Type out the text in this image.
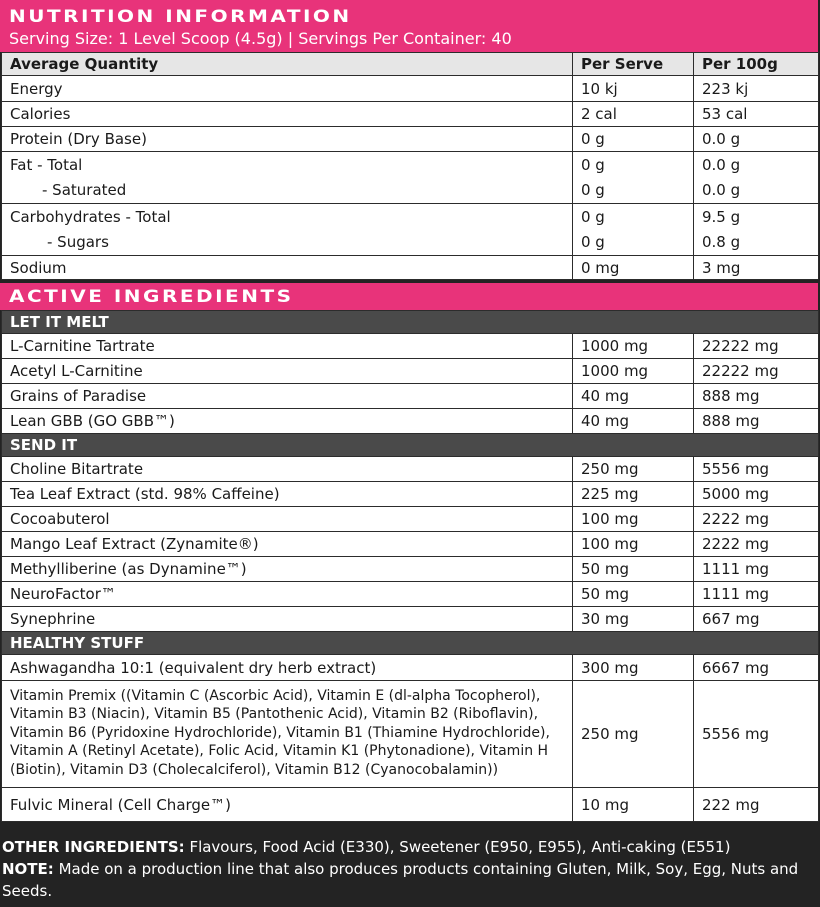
NUTRITION INFORMATION
Serving Size: 1 Level Scoop (4.5g) | Servings Per Container: 40
Average Quantity	Per Serve	Per 100g
Energy	10 kj	223 kj
Calories	2 cal	53 cal
Protein (Dry Base)	0 g	0.0 g
Fat - Total	0 g	0.0 g
- Saturated	0 g	0.0 g
Carbohydrates - Total	0 g	9.5 g
- Sugars	0 g	0.8 g
Sodium	0 mg	3 mg
ACTIVE INGREDIENTS
LET IT MELT		
L-Carnitine Tartrate	1000 mg	22222 mg
Acetyl L-Carnitine	1000 mg	22222 mg
Grains of Paradise	40 mg	888 mg
Lean GBB (GO GBB™)	40 mg	888 mg
SEND IT		
Choline Bitartrate	250 mg	5556 mg
Tea Leaf Extract (std. 98% Caffeine)	225 mg	5000 mg
Cocoabuterol	100 mg	2222 mg
Mango Leaf Extract (Zynamite®)	100 mg	2222 mg
Methylliberine (as Dynamine™)	50 mg	1111 mg
NeuroFactor™	50 mg	1111 mg
Synephrine	30 mg	667 mg
HEALTHY STUFF		
Ashwagandha 10:1 (equivalent dry herb extract)	300 mg	6667 mg
Vitamin Premix ((Vitamin C (Ascorbic Acid), Vitamin E (dl-alpha Tocopherol), Vitamin B3 (Niacin), Vitamin B5 (Pantothenic Acid), Vitamin B2 (Riboflavin), Vitamin B6 (Pyridoxine Hydrochloride), Vitamin B1 (Thiamine Hydrochloride), Vitamin A (Retinyl Acetate), Folic Acid, Vitamin K1 (Phytonadione), Vitamin H (Biotin), Vitamin D3 (Cholecalciferol), Vitamin B12 (Cyanocobalamin))	250 mg	5556 mg
Fulvic Mineral (Cell Charge™)	10 mg	222 mg
OTHER INGREDIENTS: Flavours, Food Acid (E330), Sweetener (E950, E955), Anti-caking (E551)
NOTE: Made on a production line that also produces products containing Gluten, Milk, Soy, Egg, Nuts and Seeds.
